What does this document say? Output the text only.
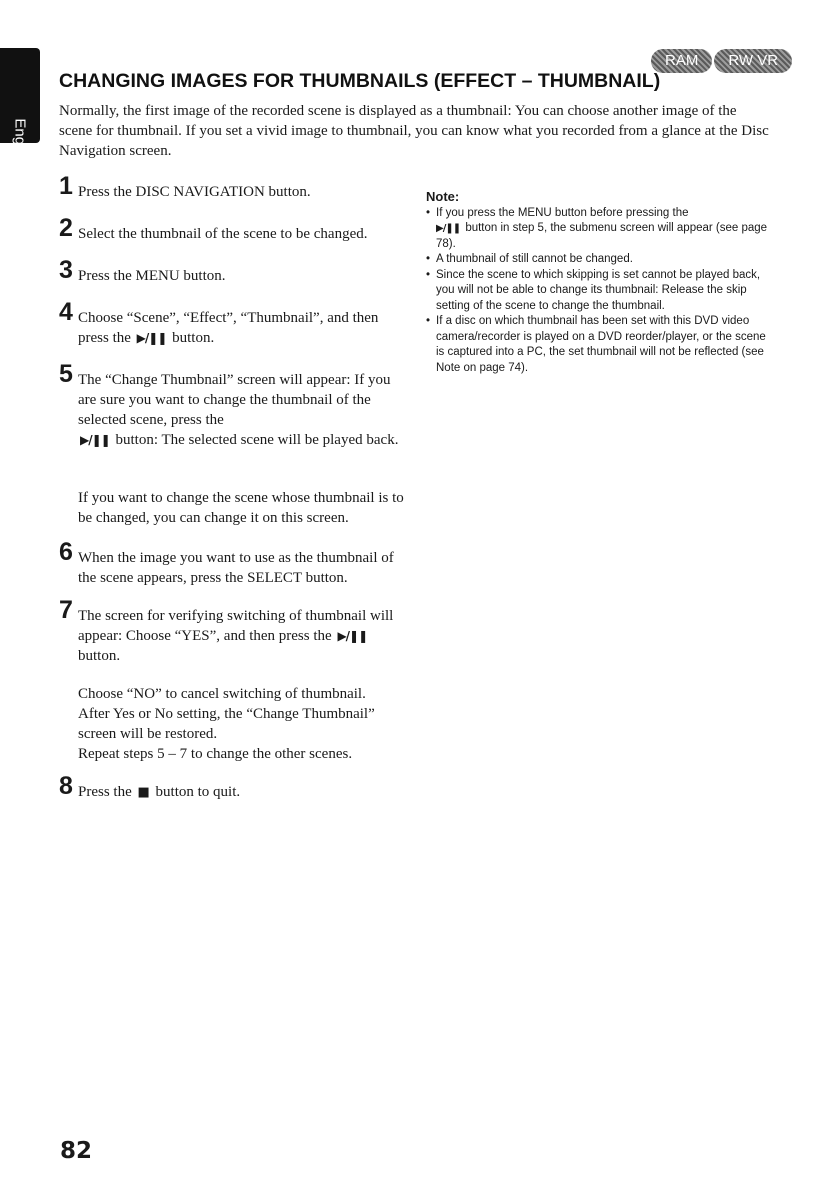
English
RAM	RW VR
CHANGING IMAGES FOR THUMBNAILS (EFFECT – THUMBNAIL)

Normally, the first image of the recorded scene is displayed as a thumbnail: You can choose another image of the scene for thumbnail. If you set a vivid image to thumbnail, you can know what you recorded from a glance at the Disc Navigation screen.

1 Press the DISC NAVIGATION button.

2 Select the thumbnail of the scene to be changed.

3 Press the MENU button.

4 Choose “Scene”, “Effect”, “Thumbnail”, and then press the ▶/❚❚ button.

5 The “Change Thumbnail” screen will appear: If you are sure you want to change the thumbnail of the selected scene, press the
▶/❚❚ button: The selected scene will be played back.

If you want to change the scene whose thumbnail is to be changed, you can change it on this screen.

6 When the image you want to use as the thumbnail of the scene appears, press the SELECT button.

7 The screen for verifying switching of thumbnail will appear: Choose “YES”, and then press the ▶/❚❚ button.

Choose “NO” to cancel switching of thumbnail.

After Yes or No setting, the “Change Thumbnail” screen will be restored.

Repeat steps 5 – 7 to change the other scenes.

8 Press the ■ button to quit.

Note:

• If you press the MENU button before pressing the
▶/❚❚ button in step 5, the submenu screen will appear (see page 78).
• A thumbnail of still cannot be changed.
• Since the scene to which skipping is set cannot be played back, you will not be able to change its thumbnail: Release the skip setting of the scene to change the thumbnail.
• If a disc on which thumbnail has been set with this DVD video camera/recorder is played on a DVD reorder/player, or the scene is captured into a PC, the set thumbnail will not be reflected (see Note on page 74).
82
